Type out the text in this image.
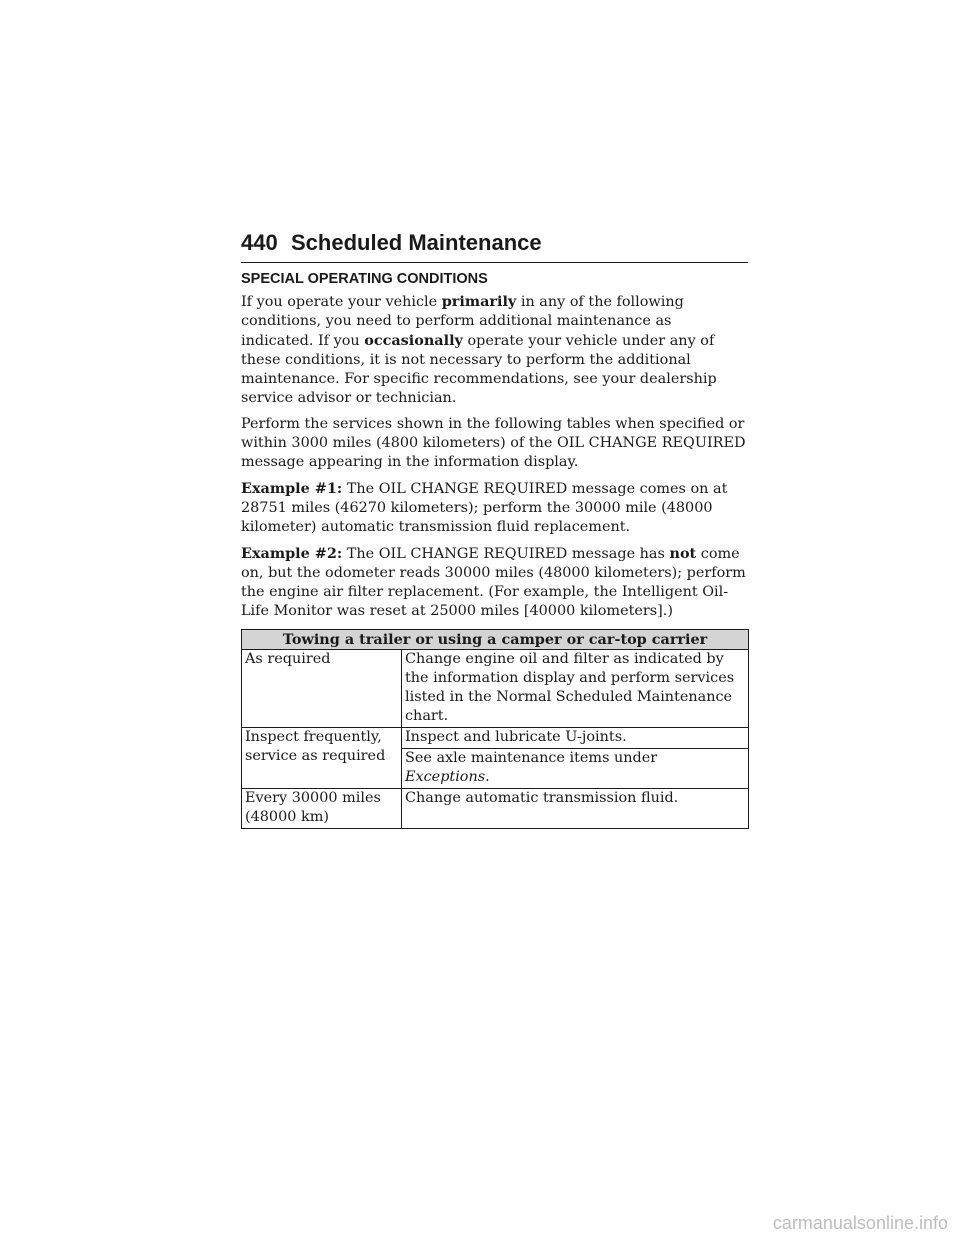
440 Scheduled Maintenance
SPECIAL OPERATING CONDITIONS

If you operate your vehicle primarily in any of the following conditions, you need to perform additional maintenance as indicated. If you occasionally operate your vehicle under any of these conditions, it is not necessary to perform the additional maintenance. For specific recommendations, see your dealership service advisor or technician.

Perform the services shown in the following tables when specified or within 3000 miles (4800 kilometers) of the OIL CHANGE REQUIRED message appearing in the information display.

Example #1: The OIL CHANGE REQUIRED message comes on at 28751 miles (46270 kilometers); perform the 30000 mile (48000 kilometer) automatic transmission fluid replacement.

Example #2: The OIL CHANGE REQUIRED message has not come on, but the odometer reads 30000 miles (48000 kilometers); perform the engine air filter replacement. (For example, the Intelligent Oil-Life Monitor was reset at 25000 miles [40000 kilometers].)

Towing a trailer or using a camper or car-top carrier	
As required	Change engine oil and filter as indicated by the information display and perform services listed in the Normal Scheduled Maintenance chart.
Inspect frequently, service as required	Inspect and lubricate U-joints.
	See axle maintenance items under Exceptions.
Every 30000 miles (48000 km)	Change automatic transmission fluid.
carmanualsonline.info
